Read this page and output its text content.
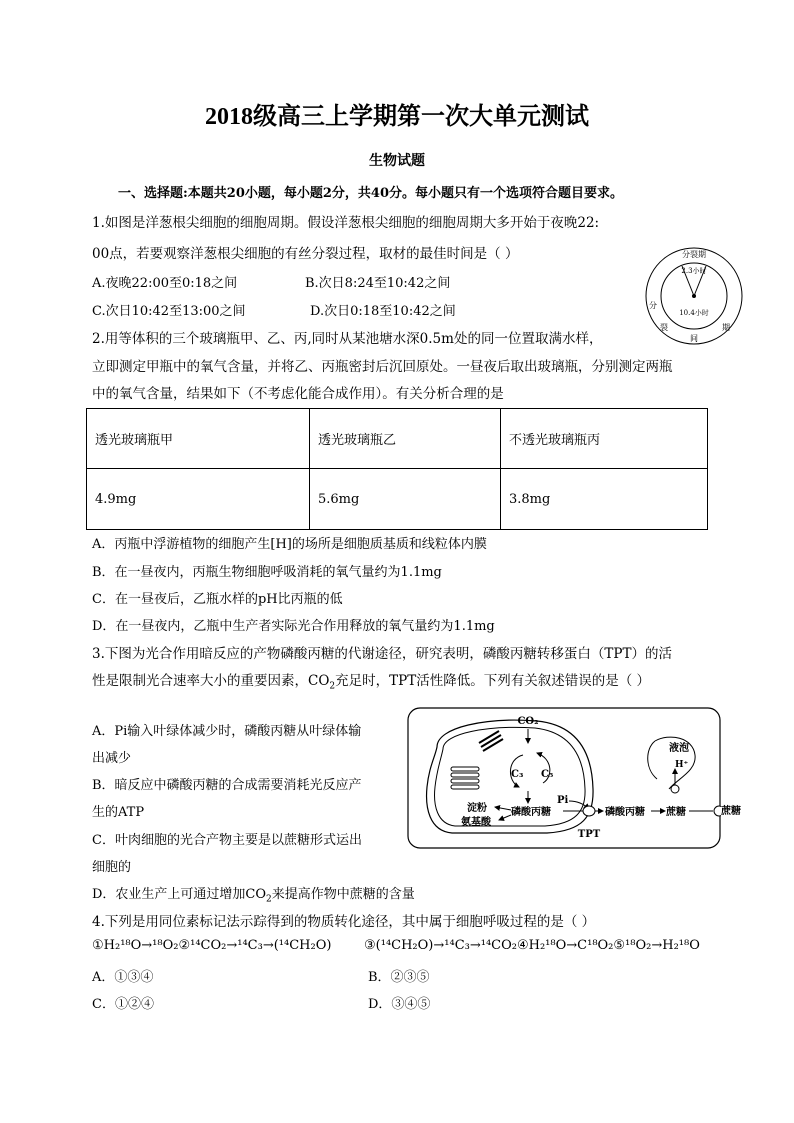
2018级高三上学期第一次大单元测试
生物试题
一、选择题:本题共20小题，每小题2分，共40分。每小题只有一个选项符合题目要求。
1.如图是洋葱根尖细胞的细胞周期。假设洋葱根尖细胞的细胞周期大多开始于夜晚22:
00点，若要观察洋葱根尖细胞的有丝分裂过程，取材的最佳时间是（ ）
A.夜晚22:00至0:18之间	B.次日8:24至10:42之间
C.次日10:42至13:00之间	D.次日0:18至10:42之间
分裂期
2.3小时
10.4小时
分
裂
间
期
2.用等体积的三个玻璃瓶甲、乙、丙,同时从某池塘水深0.5m处的同一位置取满水样，
立即测定甲瓶中的氧气含量，并将乙、丙瓶密封后沉回原处。一昼夜后取出玻璃瓶，分别测定两瓶
中的氧气含量，结果如下（不考虑化能合成作用）。有关分析合理的是
透光玻璃瓶甲	透光玻璃瓶乙	不透光玻璃瓶丙
4.9mg	5.6mg	3.8mg
A．丙瓶中浮游植物的细胞产生[H]的场所是细胞质基质和线粒体内膜
B．在一昼夜内，丙瓶生物细胞呼吸消耗的氧气量约为1.1mg
C．在一昼夜后，乙瓶水样的pH比丙瓶的低
D．在一昼夜内，乙瓶中生产者实际光合作用释放的氧气量约为1.1mg
3.下图为光合作用暗反应的产物磷酸丙糖的代谢途径，研究表明，磷酸丙糖转移蛋白（TPT）的活
性是限制光合速率大小的重要因素，$CO_2$充足时，TPT活性降低。下列有关叙述错误的是（ ）
A．Pi输入叶绿体减少时，磷酸丙糖从叶绿体输
出减少
B．暗反应中磷酸丙糖的合成需要消耗光反应产
生的ATP
C．叶肉细胞的光合产物主要是以蔗糖形式运出
细胞的
D．农业生产上可通过增加$CO_2$来提高作物中蔗糖的含量
CO₂
C₃ C₅
淀粉
氨基酸
磷酸丙糖
Pi
TPT
磷酸丙糖 蔗糖
液泡
H⁺
蔗糖
4.下列是用同位素标记法示踪得到的物质转化途径，其中属于细胞呼吸过程的是（ ）
①H₂¹⁸O→¹⁸O₂②¹⁴CO₂→¹⁴C₃→(¹⁴CH₂O)	③(¹⁴CH₂O)→¹⁴C₃→¹⁴CO₂④H₂¹⁸O→C¹⁸O₂⑤¹⁸O₂→H₂¹⁸O
A．①③④	B．②③⑤
C．①②④	D．③④⑤
